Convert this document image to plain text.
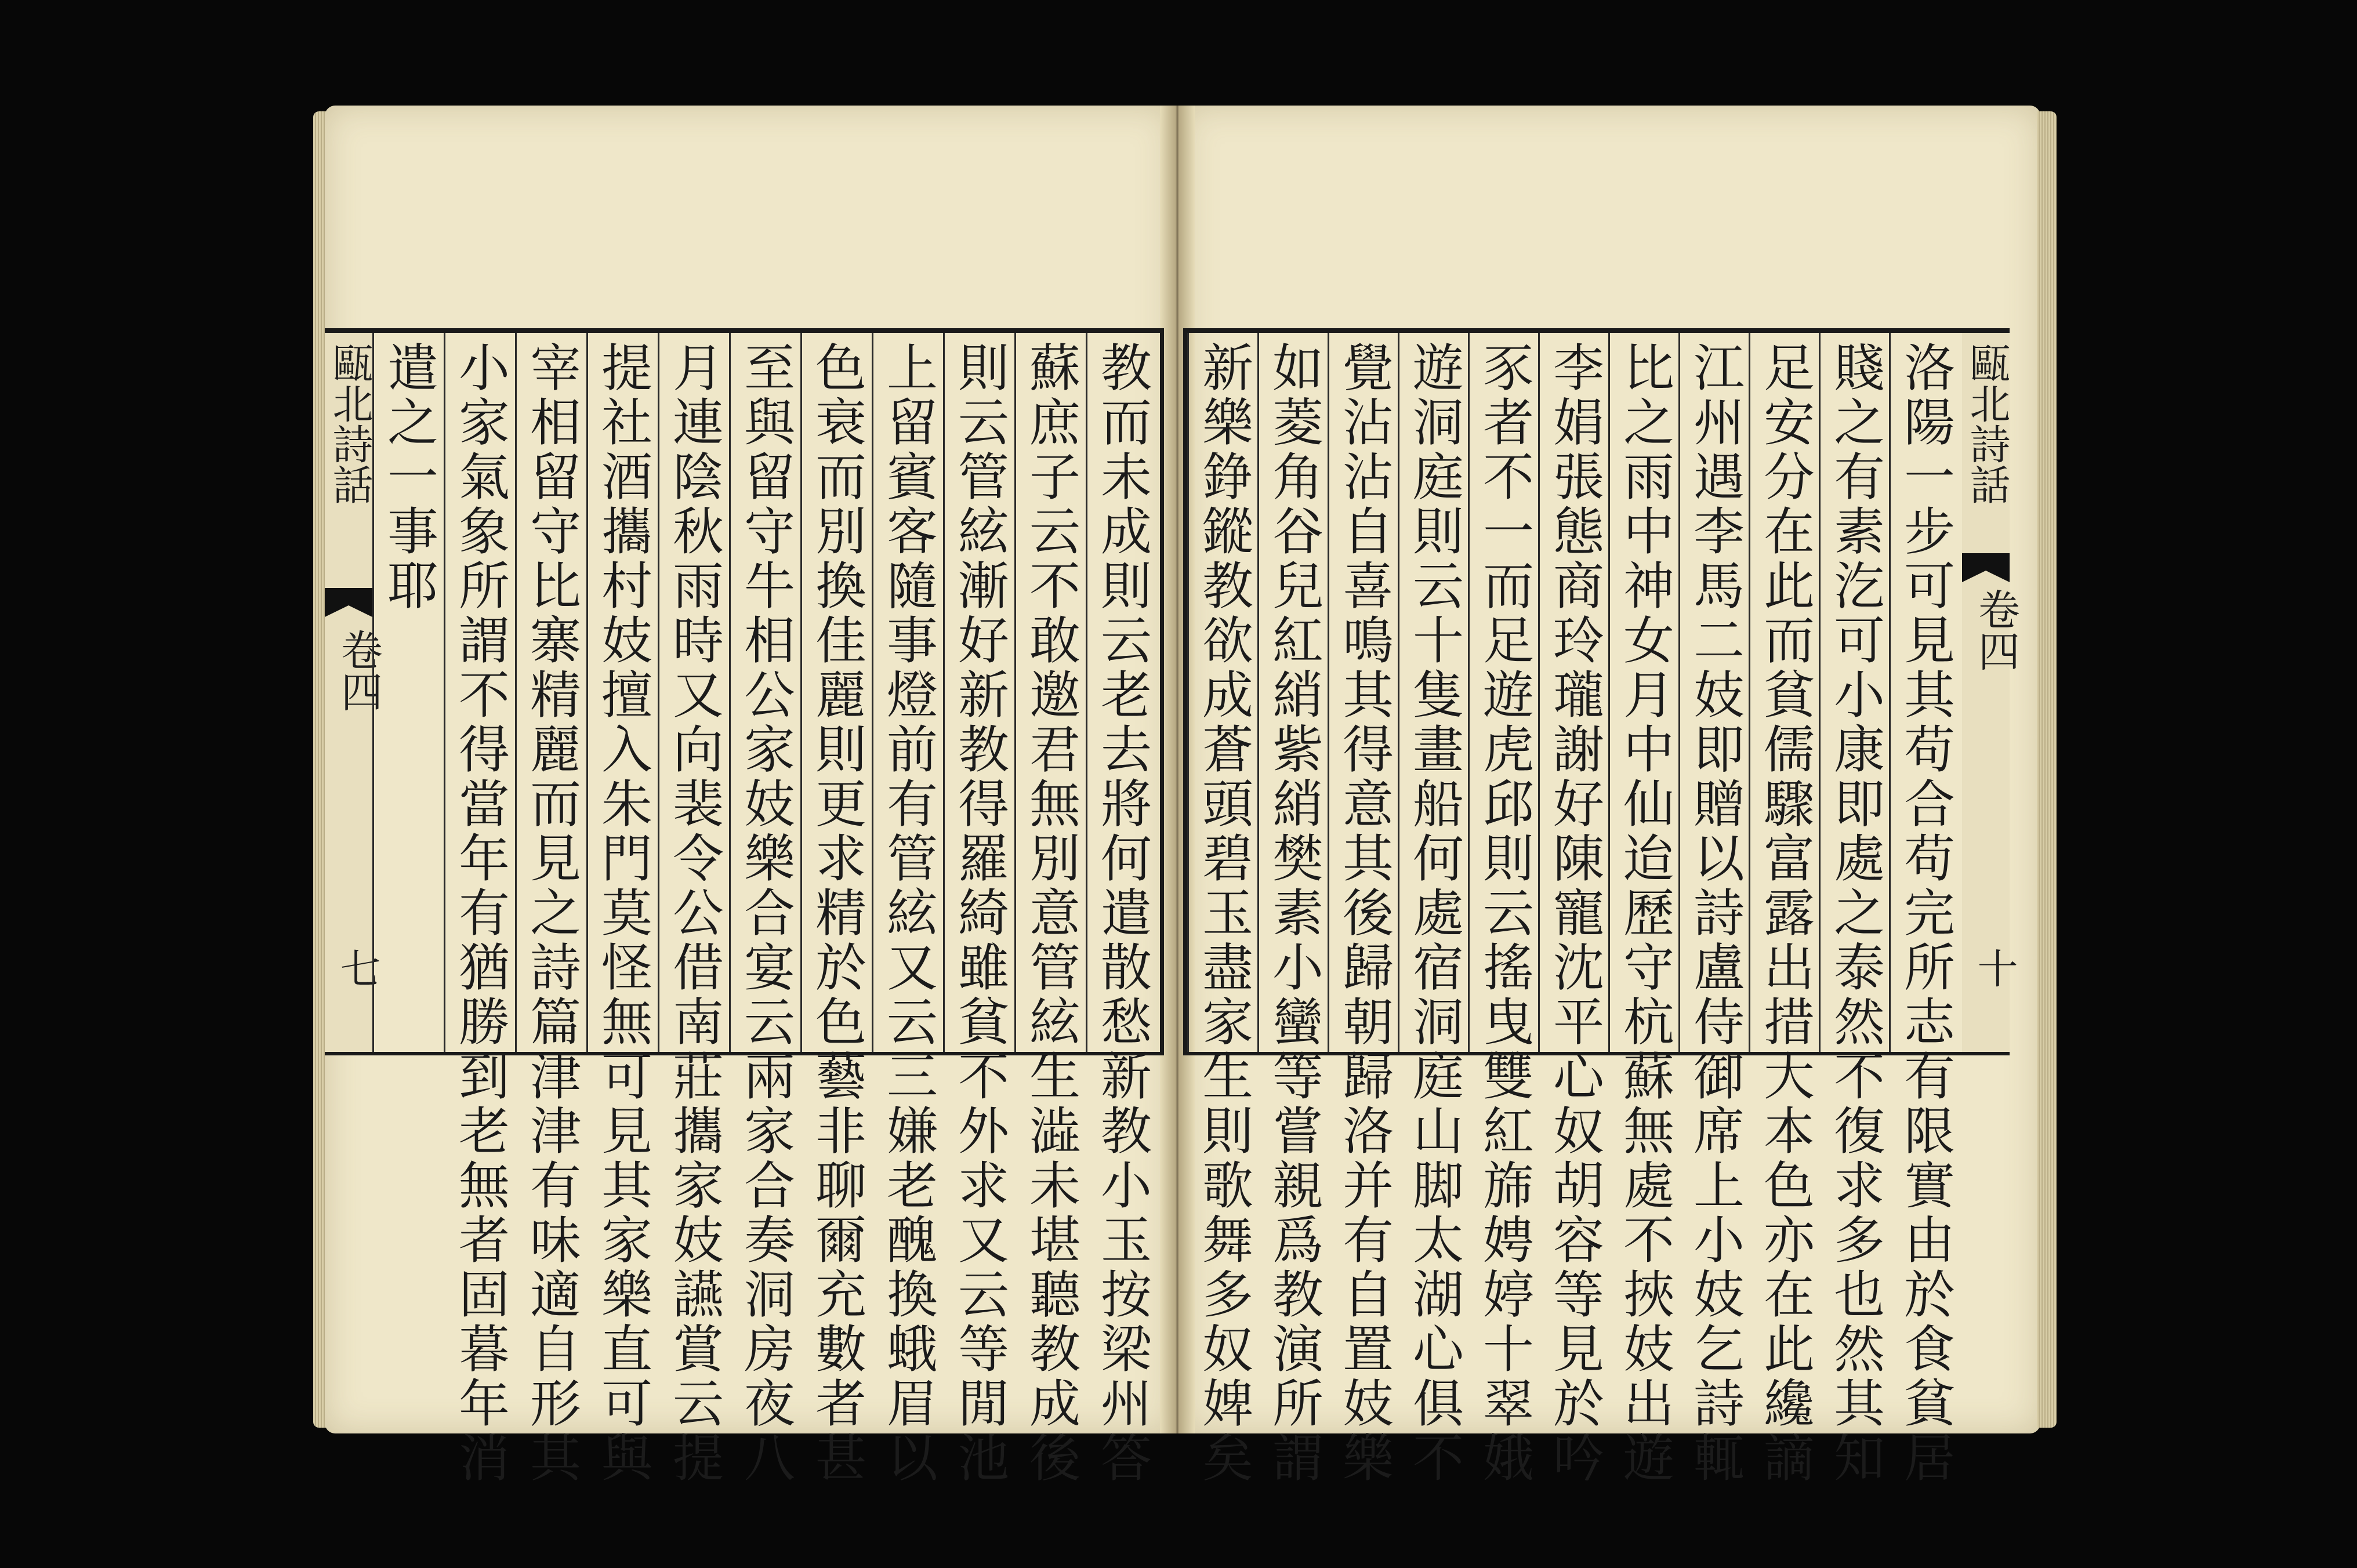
甌北詩話
卷四
七
遣之一事耶 小家氣象所謂不得當年有猶勝到老無者固暮年消 宰相留守比寨精麗而見之詩篇津津有味適自形其 提社酒攜村妓擅入朱門莫怪無可見其家樂直可與 月連陰秋雨時又向裴令公借南莊攜家妓讌賞云提 至與留守牛相公家妓樂合宴云兩家合奏洞房夜八 色衰而別換佳麗則更求精於色藝非聊爾充數者甚 上留賓客隨事燈前有管絃又云三嫌老醜換蛾眉以 則云管絃漸好新教得羅綺雖貧不外求又云等閒池 蘇庶子云不敢邀君無別意管絃生澁未堪聽教成後 教而未成則云老去將何遣散愁新教小玉按梁州答 新樂錚鏦教欲成蒼頭碧玉盡家生則歌舞多奴婢矣 如菱角谷兒紅綃紫綃樊素小蠻等嘗親爲教演所謂 覺沾沾自喜鳴其得意其後歸朝歸洛并有自置妓樂 遊洞庭則云十隻畫船何處宿洞庭山脚太湖心俱不 豕者不一而足遊虎邱則云搖曳雙紅旆娉婷十翠娥 李娟張態商玲瓏謝好陳寵沈平心奴胡容等見於吟 比之雨中神女月中仙迨歷守杭蘇無處不挾妓出遊 江州遇李馬二妓即贈以詩盧侍御席上小妓乞詩輒 足安分在此而貧儒驟富露出措大本色亦在此纔謫 賤之有素汔可小康即處之泰然不復求多也然其知 洛陽一步可見其苟合苟完所志有限實由於食貧居 甌北詩話
卷四
十
